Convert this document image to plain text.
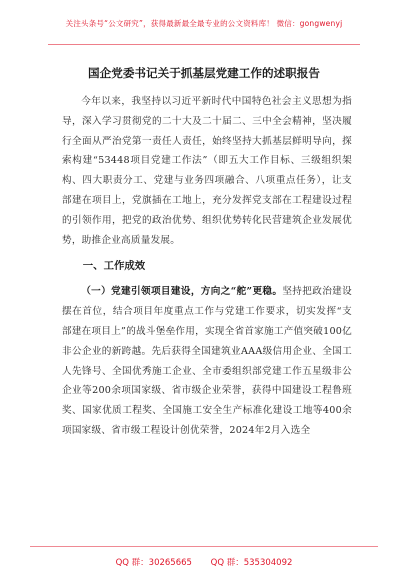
关注头条号“公文研究”，获得最新最全最专业的公文资料库！ 微信：gongwenyj
国企党委书记关于抓基层党建工作的述职报告

今年以来，我坚持以习近平新时代中国特色社会主义思想为指导，深入学习贯彻党的二十大及二十届二、三中全会精神，坚决履行全面从严治党第一责任人责任，始终坚持大抓基层鲜明导向，探索构建“53448项目党建工作法”（即五大工作目标、三级组织架构、四大职责分工、党建与业务四项融合、八项重点任务），让支部建在项目上，党旗插在工地上，充分发挥党支部在工程建设过程的引领作用，把党的政治优势、组织优势转化民营建筑企业发展优势，助推企业高质量发展。

一、工作成效

（一）党建引领项目建设，方向之“舵”更稳。坚持把政治建设摆在首位，结合项目年度重点工作与党建工作要求，切实发挥“支部建在项目上”的战斗堡垒作用，实现全省首家施工产值突破100亿非公企业的新跨越。先后获得全国建筑业AAA级信用企业、全国工人先锋号、全国优秀施工企业、全市委组织部党建工作五星级非公企业等200余项国家级、省市级企业荣誉，获得中国建设工程鲁班奖、国家优质工程奖、全国施工安全生产标准化建设工地等400余项国家级、省市级工程设计创优荣誉，2024年2月入选全

QQ 群：30265665 QQ 群：535304092
